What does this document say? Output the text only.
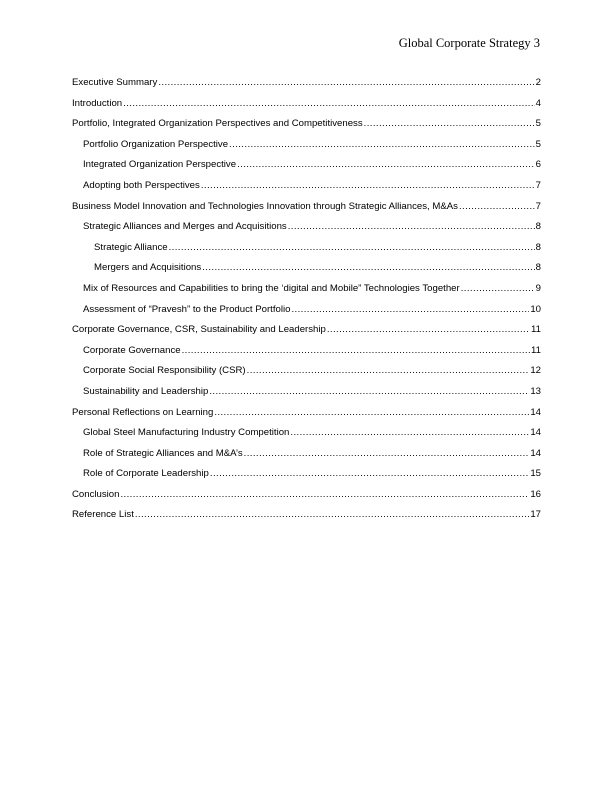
Global Corporate Strategy 3
Executive Summary .....	2
Introduction .....	4
Portfolio, Integrated Organization Perspectives and Competitiveness .....	5
Portfolio Organization Perspective .....	5
Integrated Organization Perspective .....	6
Adopting both Perspectives .....	7
Business Model Innovation and Technologies Innovation through Strategic Alliances, M&As .....	7
Strategic Alliances and Merges and Acquisitions .....	8
Strategic Alliance .....	8
Mergers and Acquisitions .....	8
Mix of Resources and Capabilities to bring the ‘digital and Mobile” Technologies Together .....	9
Assessment of “Pravesh” to the Product Portfolio .....	10
Corporate Governance, CSR, Sustainability and Leadership .....	11
Corporate Governance .....	11
Corporate Social Responsibility (CSR) .....	12
Sustainability and Leadership .....	13
Personal Reflections on Learning .....	14
Global Steel Manufacturing Industry Competition .....	14
Role of Strategic Alliances and M&A’s .....	14
Role of Corporate Leadership .....	15
Conclusion .....	16
Reference List .....	17
